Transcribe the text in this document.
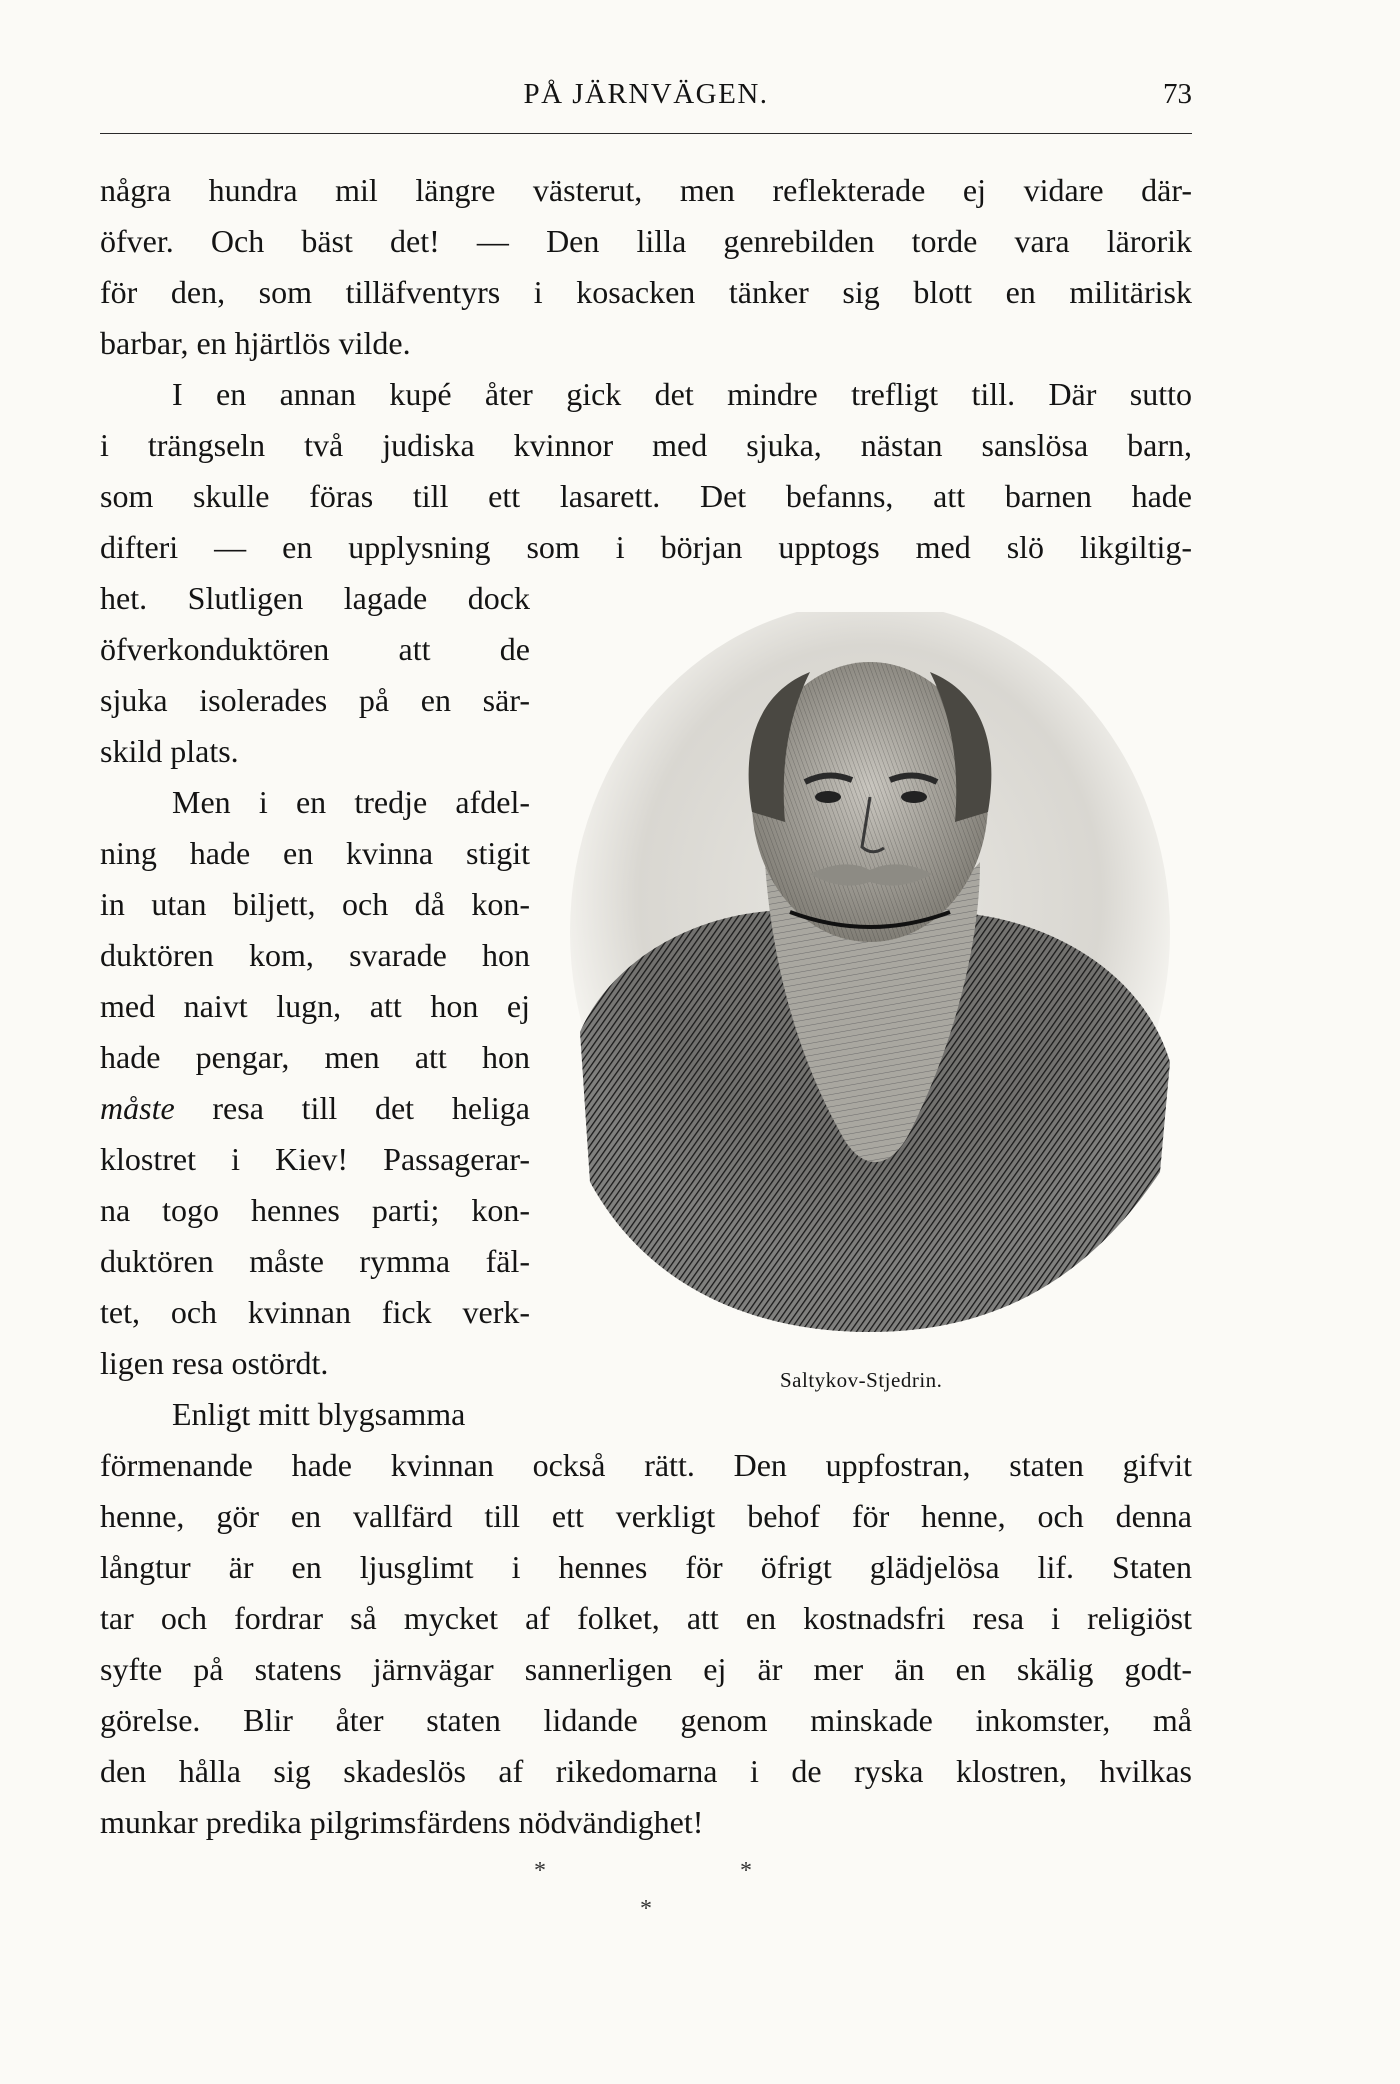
PÅ JÄRNVÄGEN.	73
några hundra mil längre västerut, men reflekterade ej vidare där-
öfver. Och bäst det! — Den lilla genrebilden torde vara lärorik
för den, som tilläfventyrs i kosacken tänker sig blott en militärisk
barbar, en hjärtlös vilde.
I en annan kupé åter gick det mindre trefligt till. Där sutto
i trängseln två judiska kvinnor med sjuka, nästan sanslösa barn,
som skulle föras till ett lasarett. Det befanns, att barnen hade
difteri — en upplysning som i början upptogs med slö likgiltig-
het. Slutligen lagade dock
öfverkonduktören att de
sjuka isolerades på en sär-
skild plats.
Men i en tredje afdel-
ning hade en kvinna stigit
in utan biljett, och då kon-
duktören kom, svarade hon
med naivt lugn, att hon ej
hade pengar, men att hon
måste resa till det heliga
klostret i Kiev! Passagerar-
na togo hennes parti; kon-
duktören måste rymma fäl-
tet, och kvinnan fick verk-
ligen resa ostördt.
Enligt mitt blygsamma
förmenande hade kvinnan också rätt. Den uppfostran, staten gifvit
henne, gör en vallfärd till ett verkligt behof för henne, och denna
långtur är en ljusglimt i hennes för öfrigt glädjelösa lif. Staten
tar och fordrar så mycket af folket, att en kostnadsfri resa i religiöst
syfte på statens järnvägar sannerligen ej är mer än en skälig godt-
görelse. Blir åter staten lidande genom minskade inkomster, må
den hålla sig skadeslös af rikedomarna i de ryska klostren, hvilkas
munkar predika pilgrimsfärdens nödvändighet!
Saltykov-Stjedrin.
*	*
*
